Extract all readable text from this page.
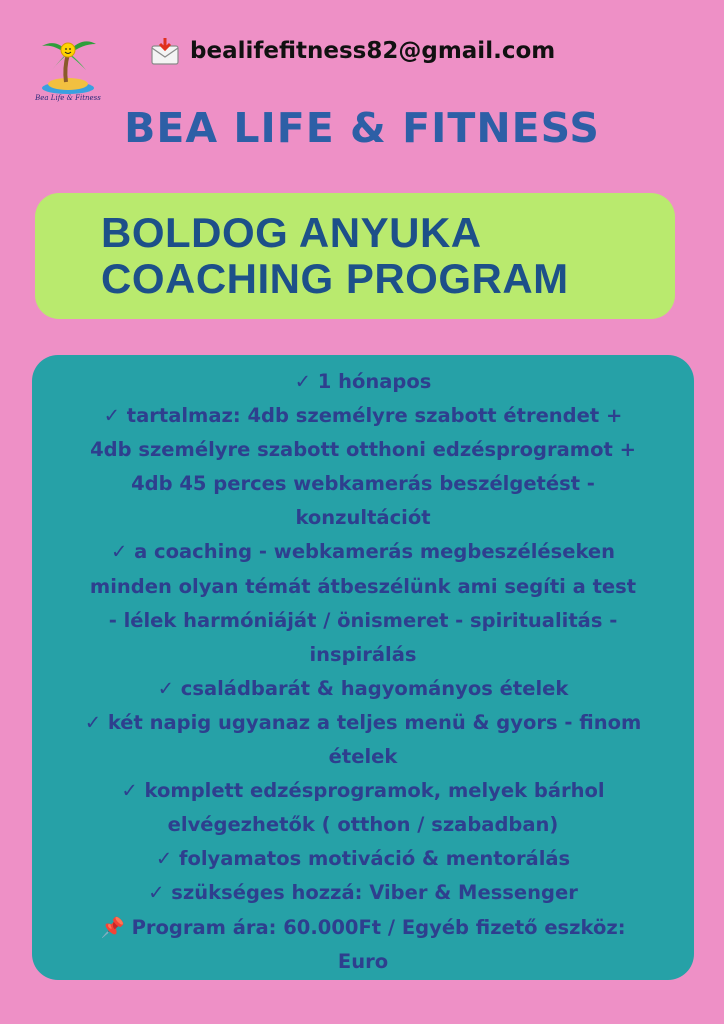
Bea Life & Fitness
bealifefitness82@gmail.com
BEA LIFE & FITNESS
BOLDOG ANYUKA
COACHING PROGRAM
✓ 1 hónapos
✓ tartalmaz: 4db személyre szabott étrendet +
4db személyre szabott otthoni edzésprogramot +
4db 45 perces webkamerás beszélgetést -
konzultációt
✓ a coaching - webkamerás megbeszéléseken
minden olyan témát átbeszélünk ami segíti a test
- lélek harmóniáját / önismeret - spiritualitás -
inspirálás
✓ családbarát & hagyományos ételek
✓ két napig ugyanaz a teljes menü & gyors - finom
ételek
✓ komplett edzésprogramok, melyek bárhol
elvégezhetők ( otthon / szabadban)
✓ folyamatos motiváció & mentorálás
✓ szükséges hozzá: Viber & Messenger
📌 Program ára: 60.000Ft / Egyéb fizető eszköz:
Euro
